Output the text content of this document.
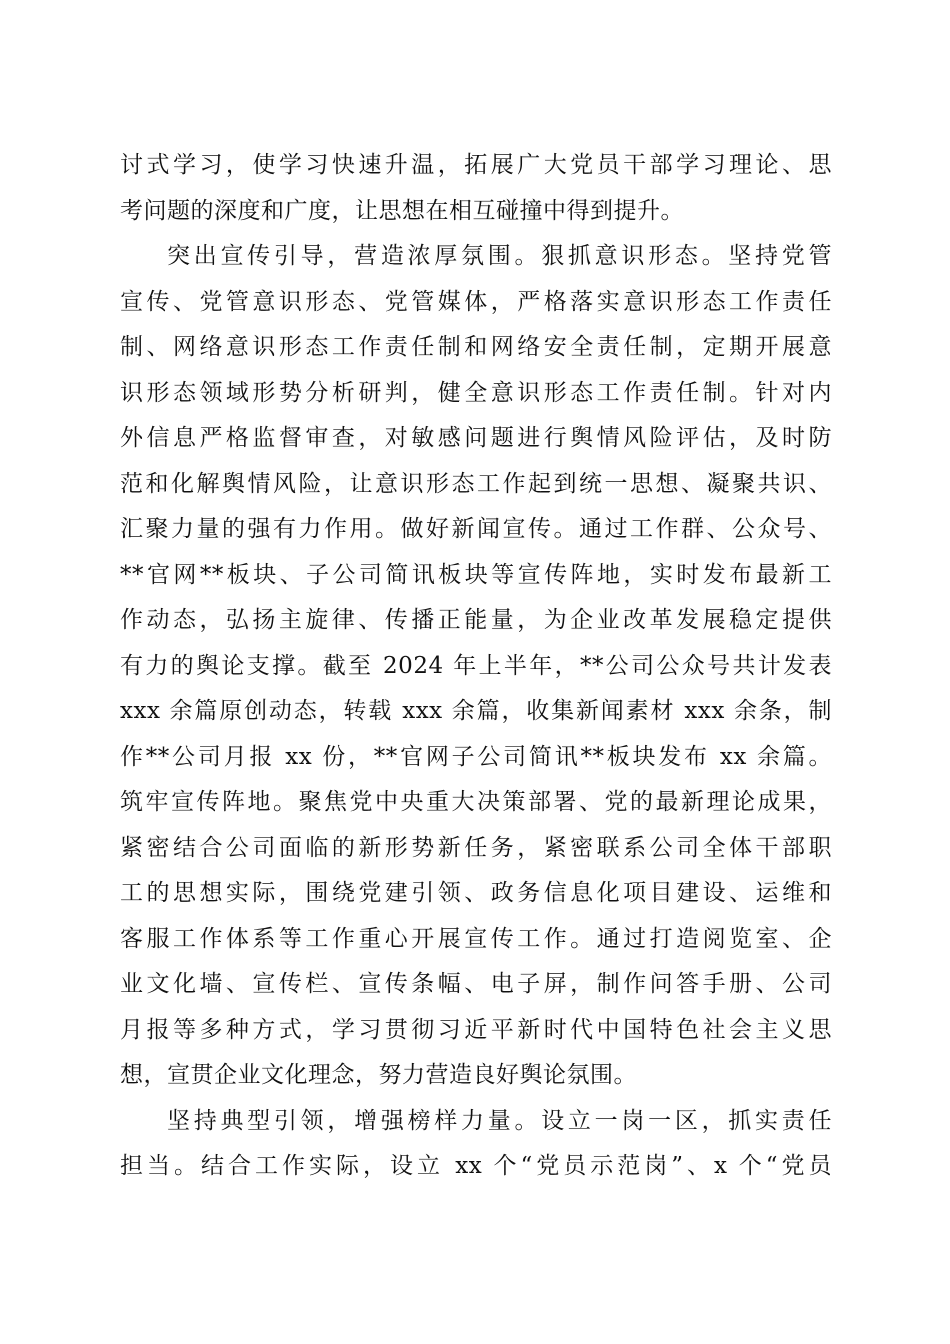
讨式学习，使学习快速升温，拓展广大党员干部学习理论、思
考问题的深度和广度，让思想在相互碰撞中得到提升。
突出宣传引导，营造浓厚氛围。狠抓意识形态。坚持党管
宣传、党管意识形态、党管媒体，严格落实意识形态工作责任
制、网络意识形态工作责任制和网络安全责任制，定期开展意
识形态领域形势分析研判，健全意识形态工作责任制。针对内
外信息严格监督审查，对敏感问题进行舆情风险评估，及时防
范和化解舆情风险，让意识形态工作起到统一思想、凝聚共识、
汇聚力量的强有力作用。做好新闻宣传。通过工作群、公众号、
**官网**板块、子公司简讯板块等宣传阵地，实时发布最新工
作动态，弘扬主旋律、传播正能量，为企业改革发展稳定提供
有力的舆论支撑。截至 2024 年上半年，**公司公众号共计发表
xxx 余篇原创动态，转载 xxx 余篇，收集新闻素材 xxx 余条，制
作**公司月报 xx 份，**官网子公司简讯**板块发布 xx 余篇。
筑牢宣传阵地。聚焦党中央重大决策部署、党的最新理论成果，
紧密结合公司面临的新形势新任务，紧密联系公司全体干部职
工的思想实际，围绕党建引领、政务信息化项目建设、运维和
客服工作体系等工作重心开展宣传工作。通过打造阅览室、企
业文化墙、宣传栏、宣传条幅、电子屏，制作问答手册、公司
月报等多种方式，学习贯彻习近平新时代中国特色社会主义思
想，宣贯企业文化理念，努力营造良好舆论氛围。
坚持典型引领，增强榜样力量。设立一岗一区，抓实责任
担当。结合工作实际，设立 xx 个“党员示范岗”、x 个“党员
